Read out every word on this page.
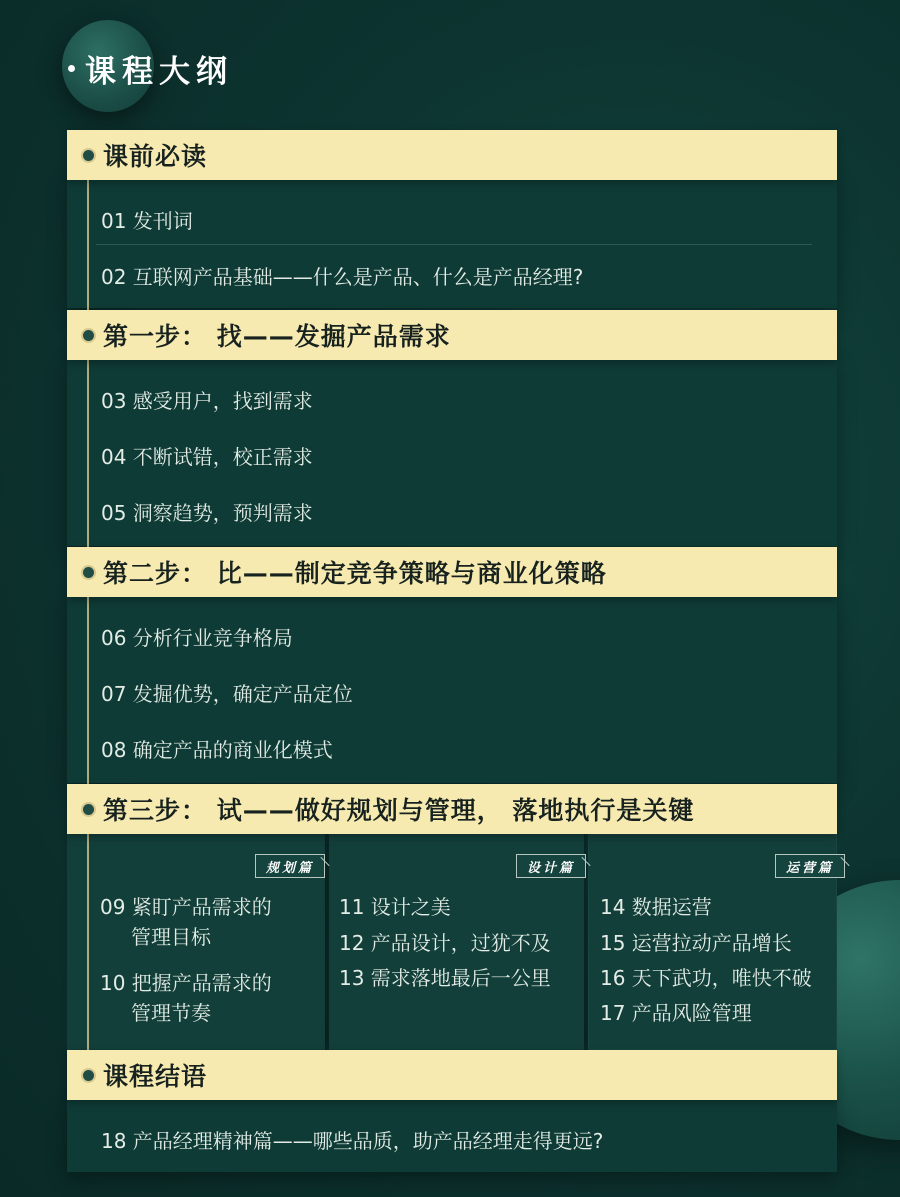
课程大纲
课前必读
01 发刊词
02 互联网产品基础——什么是产品、什么是产品经理?
第一步： 找——发掘产品需求
03 感受用户，找到需求
04 不断试错，校正需求
05 洞察趋势，预判需求
第二步： 比——制定竞争策略与商业化策略
06 分析行业竞争格局
07 发掘优势，确定产品定位
08 确定产品的商业化模式
第三步： 试——做好规划与管理， 落地执行是关键
规划篇	设计篇	运营篇
09 紧盯产品需求的
管理目标
10 把握产品需求的
管理节奏
11 设计之美
12 产品设计，过犹不及
13 需求落地最后一公里
14 数据运营
15 运营拉动产品增长
16 天下武功，唯快不破
17 产品风险管理
课程结语
18 产品经理精神篇——哪些品质，助产品经理走得更远?
